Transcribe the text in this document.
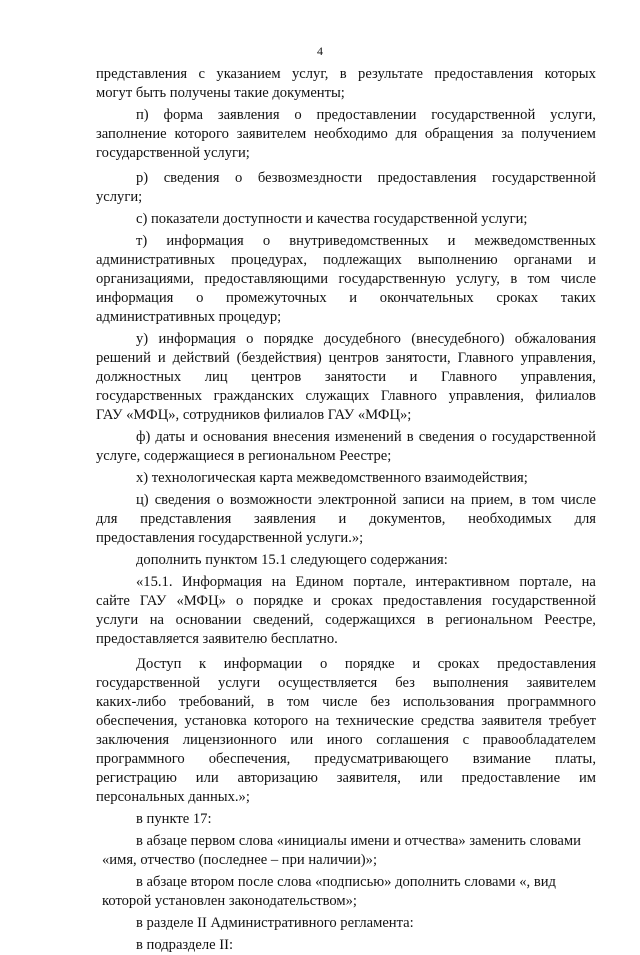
4
представления с указанием услуг, в результате предоставления которых
могут быть получены такие документы;
п) форма заявления о предоставлении государственной услуги,
заполнение которого заявителем необходимо для обращения за получением
государственной услуги;
р) сведения о безвозмездности предоставления государственной
услуги;
с) показатели доступности и качества государственной услуги;
т) информация о внутриведомственных и межведомственных
административных процедурах, подлежащих выполнению органами и
организациями, предоставляющими государственную услугу, в том числе
информация о промежуточных и окончательных сроках таких
административных процедур;
у) информация о порядке досудебного (внесудебного) обжалования
решений и действий (бездействия) центров занятости, Главного управления,
должностных лиц центров занятости и Главного управления,
государственных гражданских служащих Главного управления, филиалов
ГАУ «МФЦ», сотрудников филиалов ГАУ «МФЦ»;
ф) даты и основания внесения изменений в сведения о государственной
услуге, содержащиеся в региональном Реестре;
х) технологическая карта межведомственного взаимодействия;
ц) сведения о возможности электронной записи на прием, в том числе
для представления заявления и документов, необходимых для
предоставления государственной услуги.»;
дополнить пунктом 15.1 следующего содержания:
«15.1. Информация на Едином портале, интерактивном портале, на
сайте ГАУ «МФЦ» о порядке и сроках предоставления государственной
услуги на основании сведений, содержащихся в региональном Реестре,
предоставляется заявителю бесплатно.
Доступ к информации о порядке и сроках предоставления
государственной услуги осуществляется без выполнения заявителем
каких-либо требований, в том числе без использования программного
обеспечения, установка которого на технические средства заявителя требует
заключения лицензионного или иного соглашения с правообладателем
программного обеспечения, предусматривающего взимание платы,
регистрацию или авторизацию заявителя, или предоставление им
персональных данных.»;
в пункте 17:
в абзаце первом слова «инициалы имени и отчества» заменить словами
«имя, отчество (последнее – при наличии)»;
в абзаце втором после слова «подписью» дополнить словами «, вид
которой установлен законодательством»;
в разделе II Административного регламента:
в подразделе II:
